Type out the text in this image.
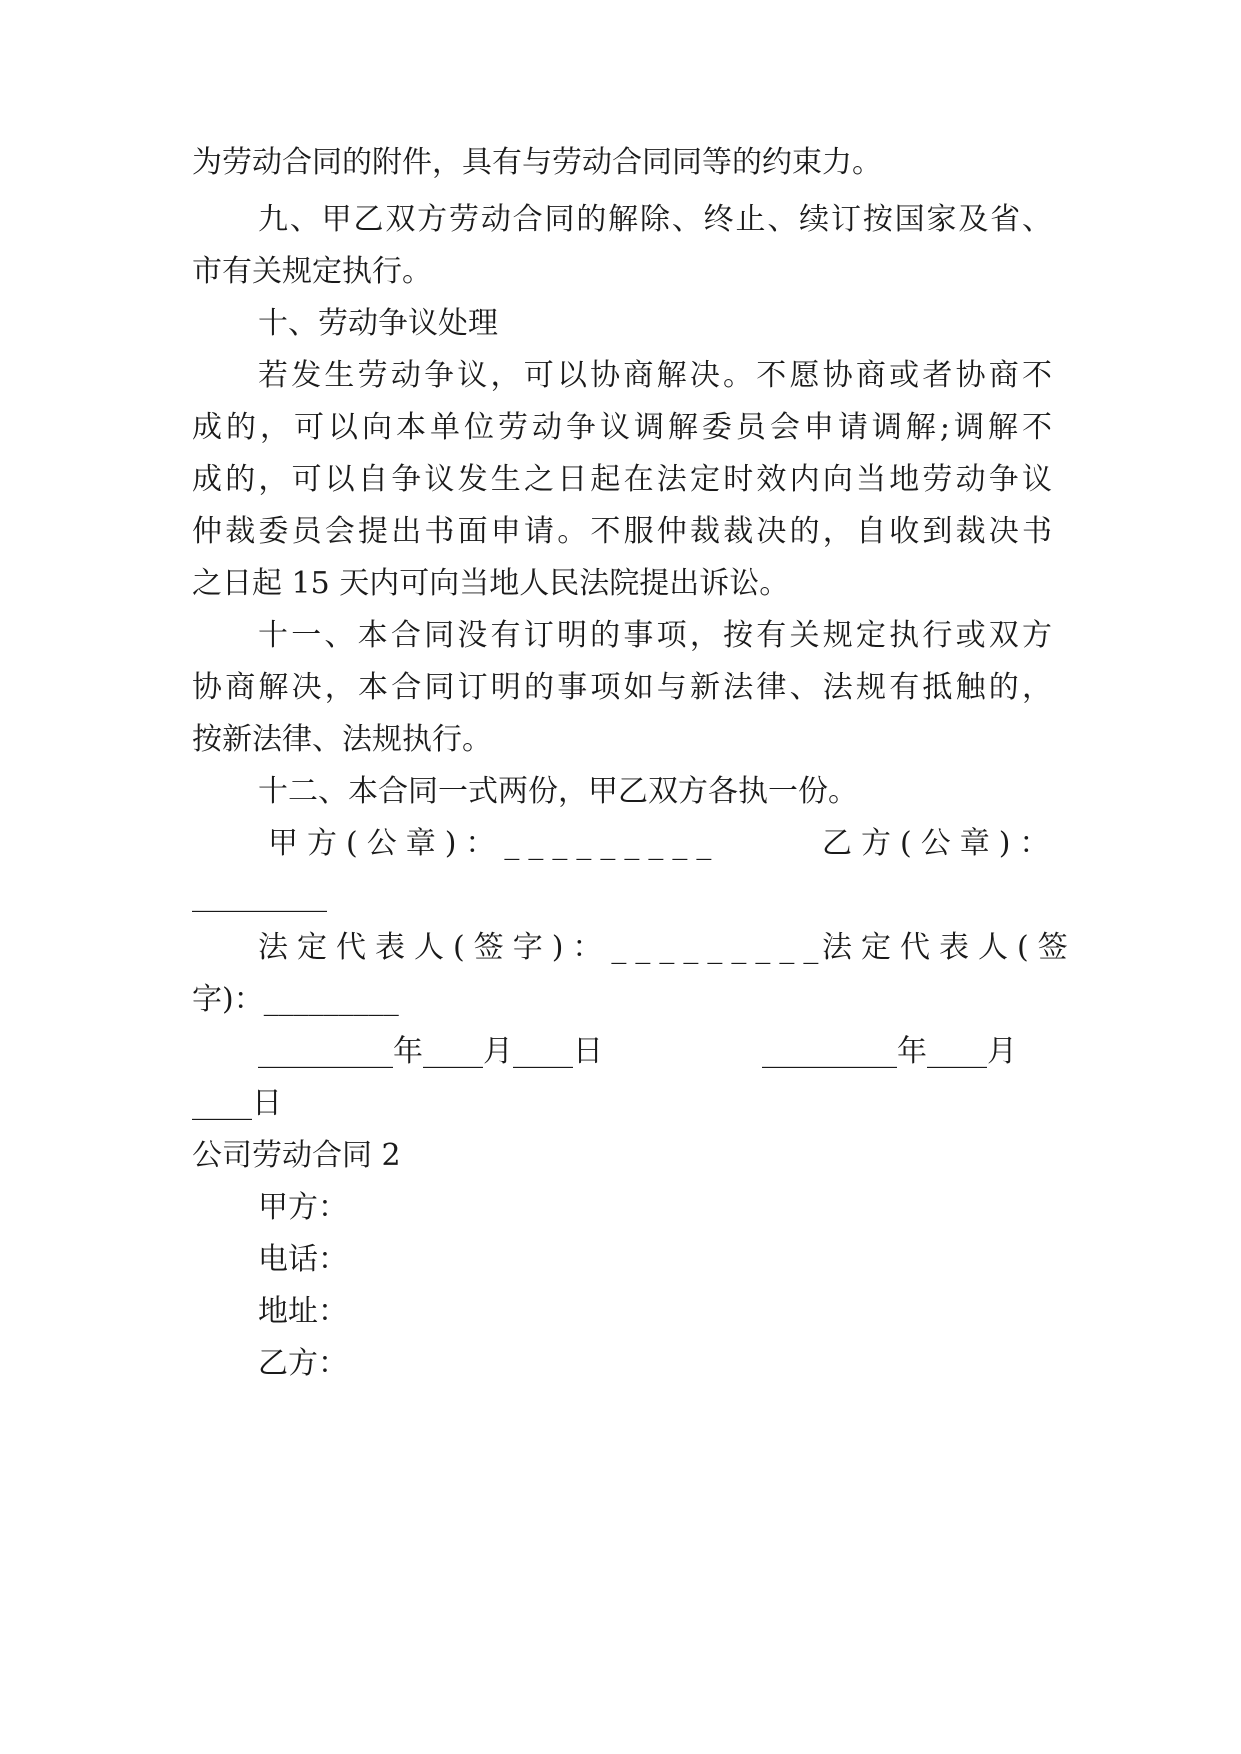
为劳动合同的附件，具有与劳动合同同等的约束力。
九、甲乙双方劳动合同的解除、终止、续订按国家及省、
市有关规定执行。
十、劳动争议处理
若发生劳动争议，可以协商解决。不愿协商或者协商不
成的，可以向本单位劳动争议调解委员会申请调解;调解不
成的，可以自争议发生之日起在法定时效内向当地劳动争议
仲裁委员会提出书面申请。不服仲裁裁决的，自收到裁决书
之日起 15 天内可向当地人民法院提出诉讼。
十一、本合同没有订明的事项，按有关规定执行或双方
协商解决，本合同订明的事项如与新法律、法规有抵触的，
按新法律、法规执行。
十二、本合同一式两份，甲乙双方各执一份。
甲方(公章)：_________	乙方(公章)：
_________
法定代表人(签字)：_________
法定代表人(签
字)：_________
_________年____月____日	_________年____月
____日
公司劳动合同 2
甲方：
电话：
地址：
乙方：
